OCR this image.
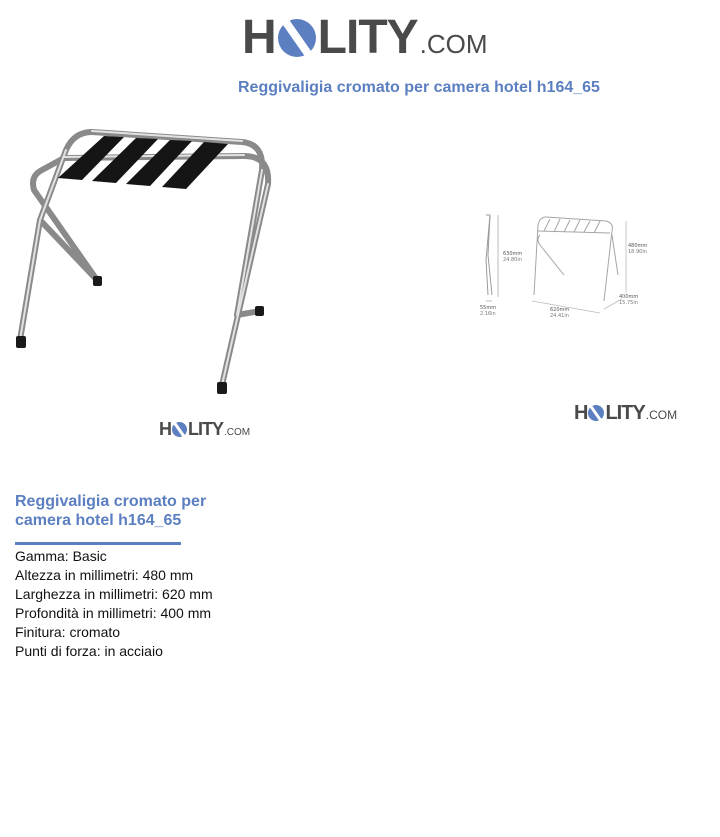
H LITY .COM
Reggivaligia cromato per camera hotel h164_65
630mm
24.80in
55mm
2.16in
480mm
18.90in
620mm
24.41in
400mm
15.75in
H LITY .COM
H LITY .COM
Reggivaligia cromato per camera hotel h164_65
Gamma: Basic
Altezza in millimetri: 480 mm
Larghezza in millimetri: 620 mm
Profondità in millimetri: 400 mm
Finitura: cromato
Punti di forza: in acciaio
